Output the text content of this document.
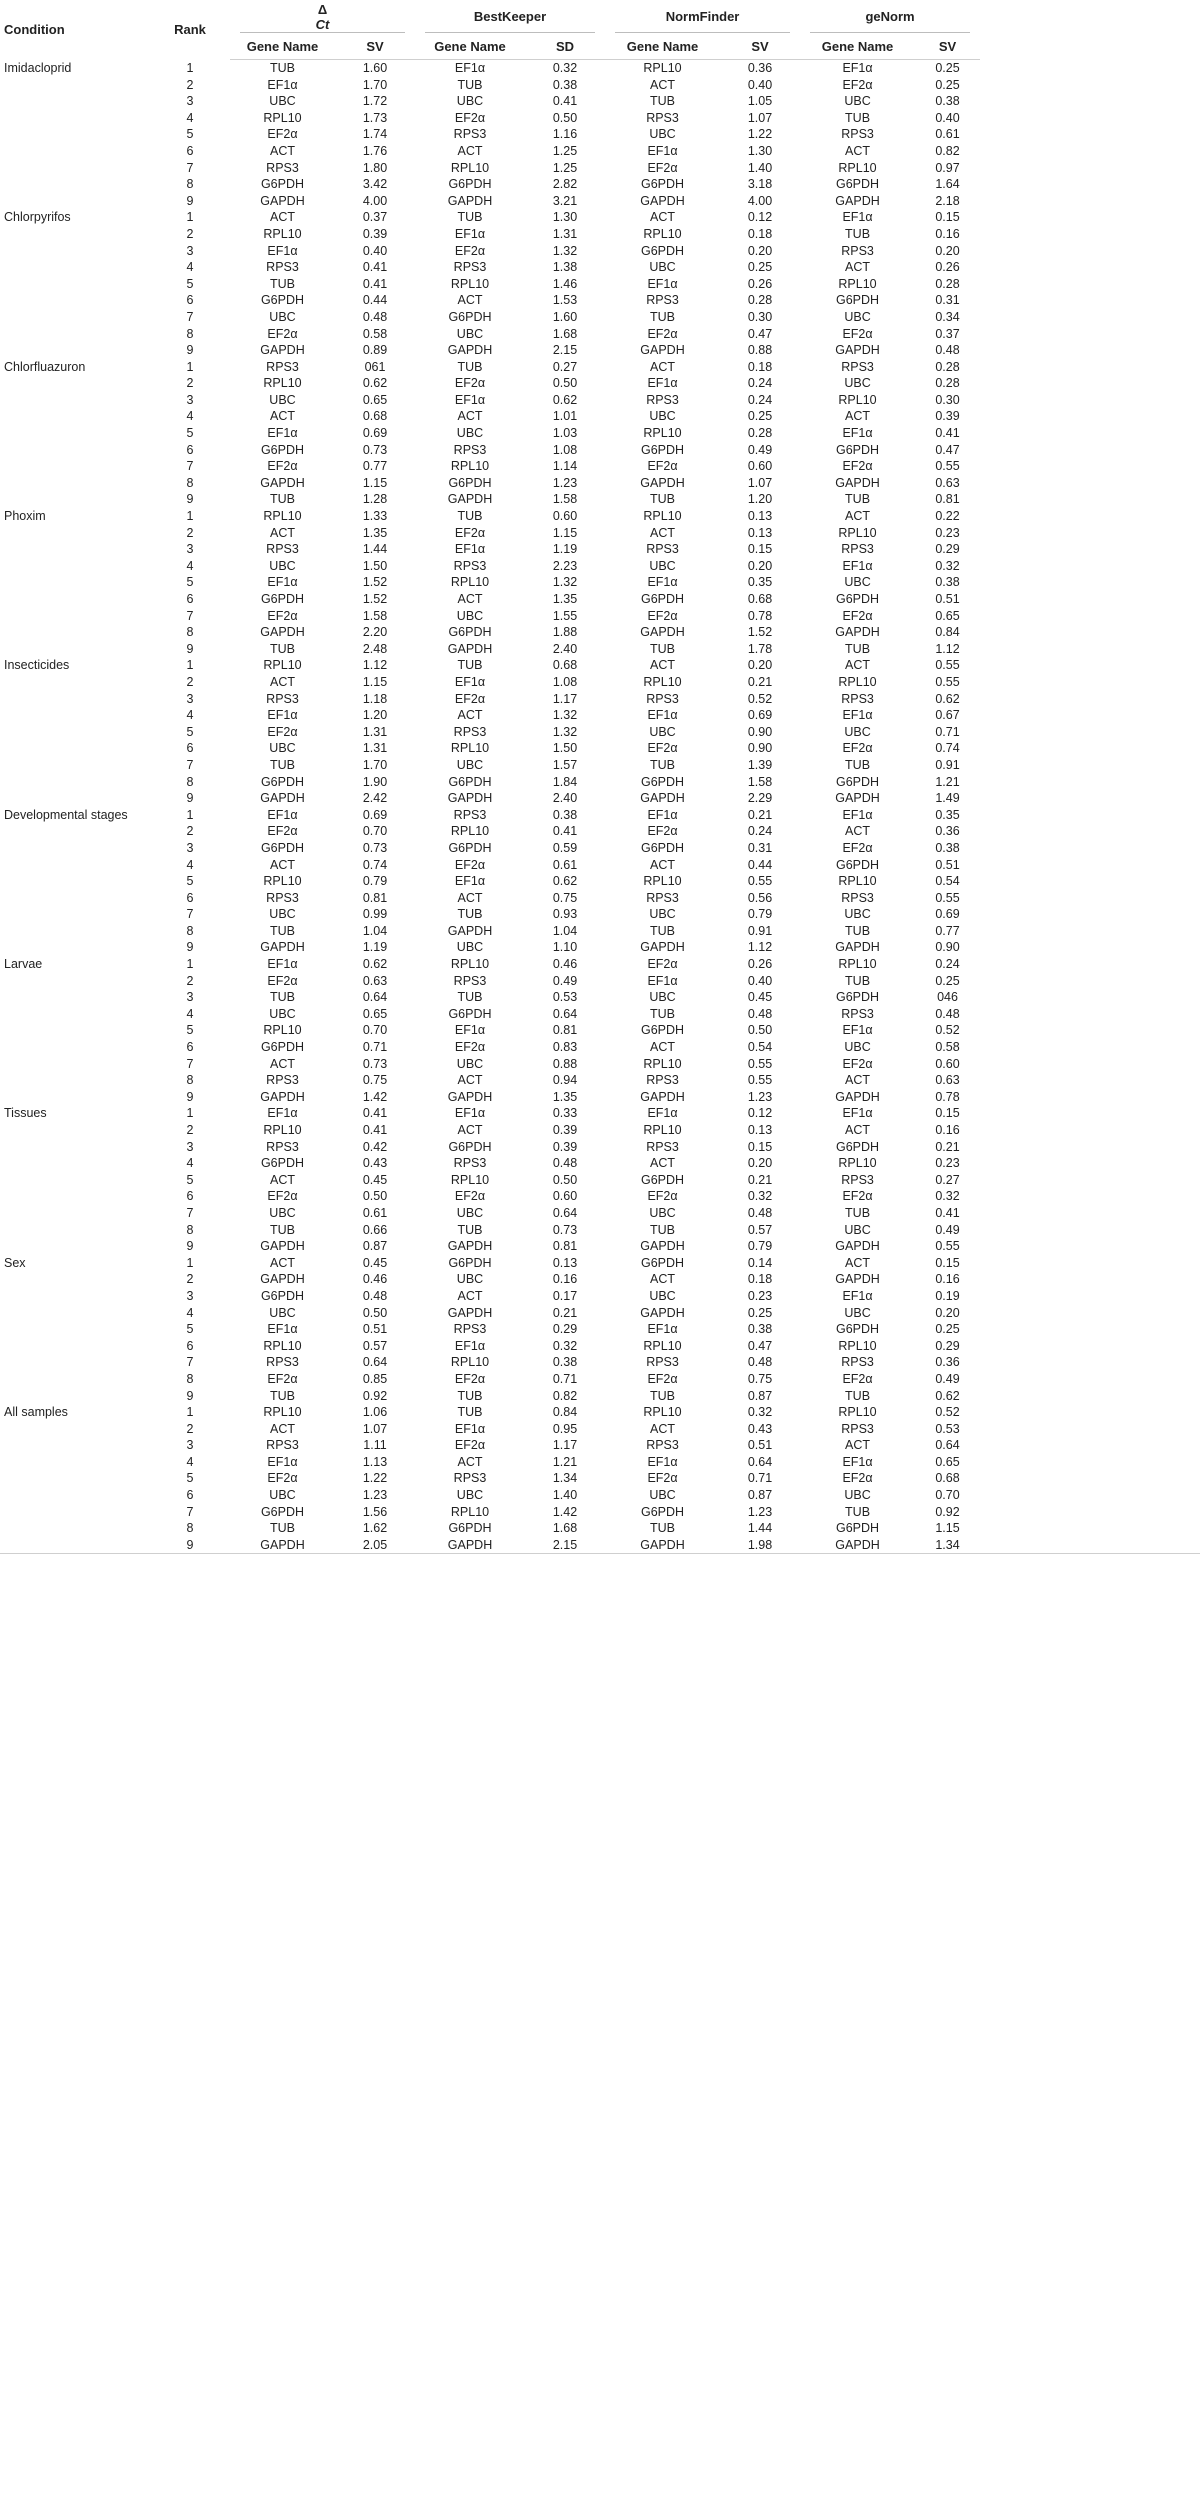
Condition	Rank	Δ
Ct		BestKeeper		NormFinder		geNorm		

		Gene Name	SV	Gene Name	SD	Gene Name	SV	Gene Name	SV	
Imidacloprid	1	TUB	1.60	EF1α	0.32	RPL10	0.36	EF1α	0.25	
	2	EF1α	1.70	TUB	0.38	ACT	0.40	EF2α	0.25	
	3	UBC	1.72	UBC	0.41	TUB	1.05	UBC	0.38	
	4	RPL10	1.73	EF2α	0.50	RPS3	1.07	TUB	0.40	
	5	EF2α	1.74	RPS3	1.16	UBC	1.22	RPS3	0.61	
	6	ACT	1.76	ACT	1.25	EF1α	1.30	ACT	0.82	
	7	RPS3	1.80	RPL10	1.25	EF2α	1.40	RPL10	0.97	
	8	G6PDH	3.42	G6PDH	2.82	G6PDH	3.18	G6PDH	1.64	
	9	GAPDH	4.00	GAPDH	3.21	GAPDH	4.00	GAPDH	2.18	
Chlorpyrifos	1	ACT	0.37	TUB	1.30	ACT	0.12	EF1α	0.15	
	2	RPL10	0.39	EF1α	1.31	RPL10	0.18	TUB	0.16	
	3	EF1α	0.40	EF2α	1.32	G6PDH	0.20	RPS3	0.20	
	4	RPS3	0.41	RPS3	1.38	UBC	0.25	ACT	0.26	
	5	TUB	0.41	RPL10	1.46	EF1α	0.26	RPL10	0.28	
	6	G6PDH	0.44	ACT	1.53	RPS3	0.28	G6PDH	0.31	
	7	UBC	0.48	G6PDH	1.60	TUB	0.30	UBC	0.34	
	8	EF2α	0.58	UBC	1.68	EF2α	0.47	EF2α	0.37	
	9	GAPDH	0.89	GAPDH	2.15	GAPDH	0.88	GAPDH	0.48	
Chlorfluazuron	1	RPS3	061	TUB	0.27	ACT	0.18	RPS3	0.28	
	2	RPL10	0.62	EF2α	0.50	EF1α	0.24	UBC	0.28	
	3	UBC	0.65	EF1α	0.62	RPS3	0.24	RPL10	0.30	
	4	ACT	0.68	ACT	1.01	UBC	0.25	ACT	0.39	
	5	EF1α	0.69	UBC	1.03	RPL10	0.28	EF1α	0.41	
	6	G6PDH	0.73	RPS3	1.08	G6PDH	0.49	G6PDH	0.47	
	7	EF2α	0.77	RPL10	1.14	EF2α	0.60	EF2α	0.55	
	8	GAPDH	1.15	G6PDH	1.23	GAPDH	1.07	GAPDH	0.63	
	9	TUB	1.28	GAPDH	1.58	TUB	1.20	TUB	0.81	
Phoxim	1	RPL10	1.33	TUB	0.60	RPL10	0.13	ACT	0.22	
	2	ACT	1.35	EF2α	1.15	ACT	0.13	RPL10	0.23	
	3	RPS3	1.44	EF1α	1.19	RPS3	0.15	RPS3	0.29	
	4	UBC	1.50	RPS3	2.23	UBC	0.20	EF1α	0.32	
	5	EF1α	1.52	RPL10	1.32	EF1α	0.35	UBC	0.38	
	6	G6PDH	1.52	ACT	1.35	G6PDH	0.68	G6PDH	0.51	
	7	EF2α	1.58	UBC	1.55	EF2α	0.78	EF2α	0.65	
	8	GAPDH	2.20	G6PDH	1.88	GAPDH	1.52	GAPDH	0.84	
	9	TUB	2.48	GAPDH	2.40	TUB	1.78	TUB	1.12	
Insecticides	1	RPL10	1.12	TUB	0.68	ACT	0.20	ACT	0.55	
	2	ACT	1.15	EF1α	1.08	RPL10	0.21	RPL10	0.55	
	3	RPS3	1.18	EF2α	1.17	RPS3	0.52	RPS3	0.62	
	4	EF1α	1.20	ACT	1.32	EF1α	0.69	EF1α	0.67	
	5	EF2α	1.31	RPS3	1.32	UBC	0.90	UBC	0.71	
	6	UBC	1.31	RPL10	1.50	EF2α	0.90	EF2α	0.74	
	7	TUB	1.70	UBC	1.57	TUB	1.39	TUB	0.91	
	8	G6PDH	1.90	G6PDH	1.84	G6PDH	1.58	G6PDH	1.21	
	9	GAPDH	2.42	GAPDH	2.40	GAPDH	2.29	GAPDH	1.49	
Developmental stages	1	EF1α	0.69	RPS3	0.38	EF1α	0.21	EF1α	0.35	
	2	EF2α	0.70	RPL10	0.41	EF2α	0.24	ACT	0.36	
	3	G6PDH	0.73	G6PDH	0.59	G6PDH	0.31	EF2α	0.38	
	4	ACT	0.74	EF2α	0.61	ACT	0.44	G6PDH	0.51	
	5	RPL10	0.79	EF1α	0.62	RPL10	0.55	RPL10	0.54	
	6	RPS3	0.81	ACT	0.75	RPS3	0.56	RPS3	0.55	
	7	UBC	0.99	TUB	0.93	UBC	0.79	UBC	0.69	
	8	TUB	1.04	GAPDH	1.04	TUB	0.91	TUB	0.77	
	9	GAPDH	1.19	UBC	1.10	GAPDH	1.12	GAPDH	0.90	
Larvae	1	EF1α	0.62	RPL10	0.46	EF2α	0.26	RPL10	0.24	
	2	EF2α	0.63	RPS3	0.49	EF1α	0.40	TUB	0.25	
	3	TUB	0.64	TUB	0.53	UBC	0.45	G6PDH	046	
	4	UBC	0.65	G6PDH	0.64	TUB	0.48	RPS3	0.48	
	5	RPL10	0.70	EF1α	0.81	G6PDH	0.50	EF1α	0.52	
	6	G6PDH	0.71	EF2α	0.83	ACT	0.54	UBC	0.58	
	7	ACT	0.73	UBC	0.88	RPL10	0.55	EF2α	0.60	
	8	RPS3	0.75	ACT	0.94	RPS3	0.55	ACT	0.63	
	9	GAPDH	1.42	GAPDH	1.35	GAPDH	1.23	GAPDH	0.78	
Tissues	1	EF1α	0.41	EF1α	0.33	EF1α	0.12	EF1α	0.15	
	2	RPL10	0.41	ACT	0.39	RPL10	0.13	ACT	0.16	
	3	RPS3	0.42	G6PDH	0.39	RPS3	0.15	G6PDH	0.21	
	4	G6PDH	0.43	RPS3	0.48	ACT	0.20	RPL10	0.23	
	5	ACT	0.45	RPL10	0.50	G6PDH	0.21	RPS3	0.27	
	6	EF2α	0.50	EF2α	0.60	EF2α	0.32	EF2α	0.32	
	7	UBC	0.61	UBC	0.64	UBC	0.48	TUB	0.41	
	8	TUB	0.66	TUB	0.73	TUB	0.57	UBC	0.49	
	9	GAPDH	0.87	GAPDH	0.81	GAPDH	0.79	GAPDH	0.55	
Sex	1	ACT	0.45	G6PDH	0.13	G6PDH	0.14	ACT	0.15	
	2	GAPDH	0.46	UBC	0.16	ACT	0.18	GAPDH	0.16	
	3	G6PDH	0.48	ACT	0.17	UBC	0.23	EF1α	0.19	
	4	UBC	0.50	GAPDH	0.21	GAPDH	0.25	UBC	0.20	
	5	EF1α	0.51	RPS3	0.29	EF1α	0.38	G6PDH	0.25	
	6	RPL10	0.57	EF1α	0.32	RPL10	0.47	RPL10	0.29	
	7	RPS3	0.64	RPL10	0.38	RPS3	0.48	RPS3	0.36	
	8	EF2α	0.85	EF2α	0.71	EF2α	0.75	EF2α	0.49	
	9	TUB	0.92	TUB	0.82	TUB	0.87	TUB	0.62	
All samples	1	RPL10	1.06	TUB	0.84	RPL10	0.32	RPL10	0.52	
	2	ACT	1.07	EF1α	0.95	ACT	0.43	RPS3	0.53	
	3	RPS3	1.11	EF2α	1.17	RPS3	0.51	ACT	0.64	
	4	EF1α	1.13	ACT	1.21	EF1α	0.64	EF1α	0.65	
	5	EF2α	1.22	RPS3	1.34	EF2α	0.71	EF2α	0.68	
	6	UBC	1.23	UBC	1.40	UBC	0.87	UBC	0.70	
	7	G6PDH	1.56	RPL10	1.42	G6PDH	1.23	TUB	0.92	
	8	TUB	1.62	G6PDH	1.68	TUB	1.44	G6PDH	1.15	
	9	GAPDH	2.05	GAPDH	2.15	GAPDH	1.98	GAPDH	1.34	
